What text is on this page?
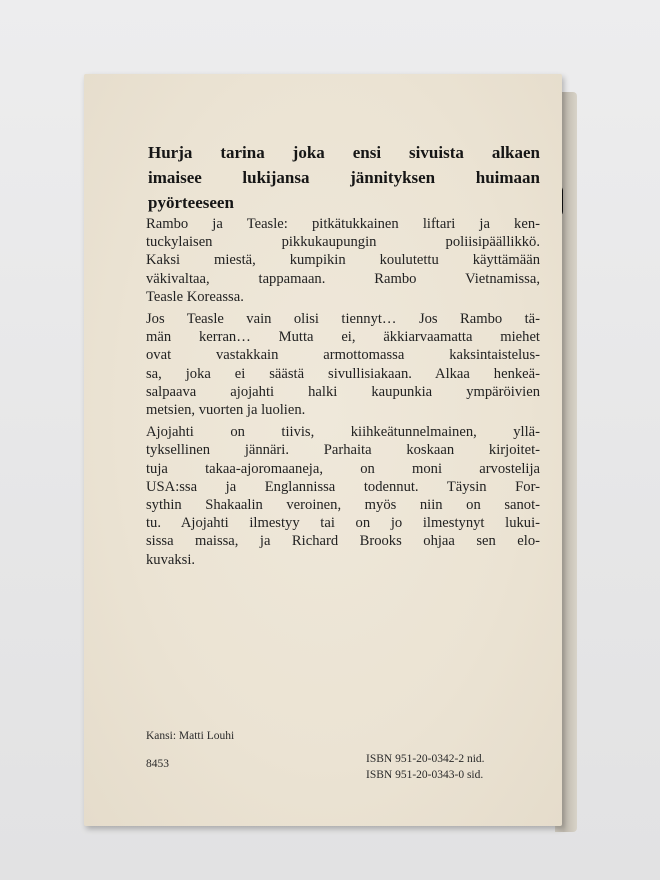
Hurja tarina joka ensi sivuista alkaen
imaisee lukijansa jännityksen huimaan
pyörteeseen
Rambo ja Teasle: pitkätukkainen liftari ja ken-
tuckylaisen pikkukaupungin poliisipäällikkö.
Kaksi miestä, kumpikin koulutettu käyttämään
väkivaltaa, tappamaan. Rambo Vietnamissa,
Teasle Koreassa.
Jos Teasle vain olisi tiennyt… Jos Rambo tä-
män kerran… Mutta ei, äkkiarvaamatta miehet
ovat vastakkain armottomassa kaksintaistelus-
sa, joka ei säästä sivullisiakaan. Alkaa henkeä-
salpaava ajojahti halki kaupunkia ympäröivien
metsien, vuorten ja luolien.
Ajojahti on tiivis, kiihkeätunnelmainen, yllä-
tyksellinen jännäri. Parhaita koskaan kirjoitet-
tuja takaa-ajoromaaneja, on moni arvostelija
USA:ssa ja Englannissa todennut. Täysin For-
sythin Shakaalin veroinen, myös niin on sanot-
tu. Ajojahti ilmestyy tai on jo ilmestynyt lukui-
sissa maissa, ja Richard Brooks ohjaa sen elo-
kuvaksi.
Kansi: Matti Louhi
8453	ISBN 951-20-0342-2 nid.
ISBN 951-20-0343-0 sid.
